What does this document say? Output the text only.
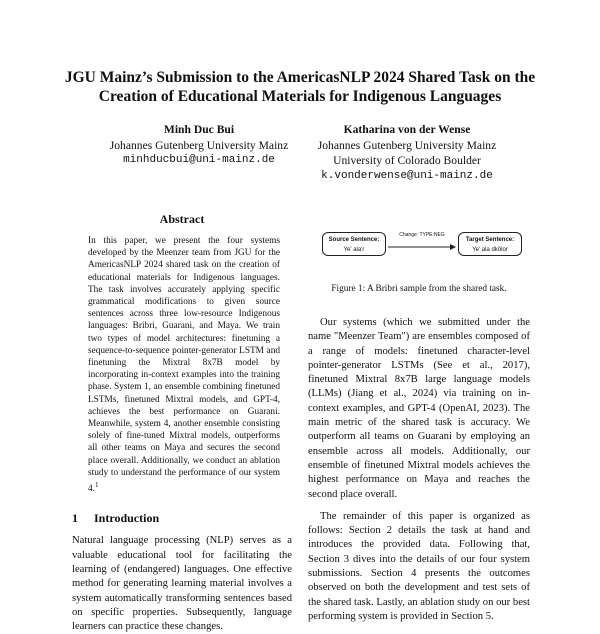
JGU Mainz’s Submission to the AmericasNLP 2024 Shared Task on the
Creation of Educational Materials for Indigenous Languages
Minh Duc Bui
Johannes Gutenberg University Mainz
minhducbui@uni-mainz.de
Katharina von der Wense
Johannes Gutenberg University Mainz
University of Colorado Boulder
k.vonderwense@uni-mainz.de
Abstract

In this paper, we present the four systems developed by the Meenzer team from JGU for the AmericasNLP 2024 shared task on the creation of educational materials for Indigenous languages. The task involves accurately applying specific grammatical modifications to given source sentences across three low-resource Indigenous languages: Bribri, Guarani, and Maya. We train two types of model architectures: finetuning a sequence-to-sequence pointer-generator LSTM and finetuning the Mixtral 8x7B model by incorporating in-context examples into the training phase. System 1, an ensemble combining finetuned LSTMs, finetuned Mixtral models, and GPT-4, achieves the best performance on Guarani. Meanwhile, system 4, another ensemble consisting solely of fine-tuned Mixtral models, outperforms all other teams on Maya and secures the second place overall. Additionally, we conduct an ablation study to understand the performance of our system 4.$^1$

1 Introduction

Natural language processing (NLP) serves as a valuable educational tool for facilitating the learning of (endangered) languages. One effective method for generating learning material involves a system automatically transforming sentences based on specific properties. Subsequently, language learners can practice these changes.

Source Sentence:
Ye' ala'r
Change: TYPE:NEG
Target Sentence:
Ye' ala dkölor

Figure 1: A Bribri sample from the shared task.

Our systems (which we submitted under the name "Meenzer Team") are ensembles composed of a range of models: finetuned character-level pointer-generator LSTMs (See et al., 2017), finetuned Mixtral 8x7B large language models (LLMs) (Jiang et al., 2024) via training on in-context examples, and GPT-4 (OpenAI, 2023). The main metric of the shared task is accuracy. We outperform all teams on Guarani by employing an ensemble across all models. Additionally, our ensemble of finetuned Mixtral models achieves the highest performance on Maya and reaches the second place overall.

The remainder of this paper is organized as follows: Section 2 details the task at hand and introduces the provided data. Following that, Section 3 dives into the details of our four system submissions. Section 4 presents the outcomes observed on both the development and test sets of the shared task. Lastly, an ablation study on our best performing system is provided in Section 5.
